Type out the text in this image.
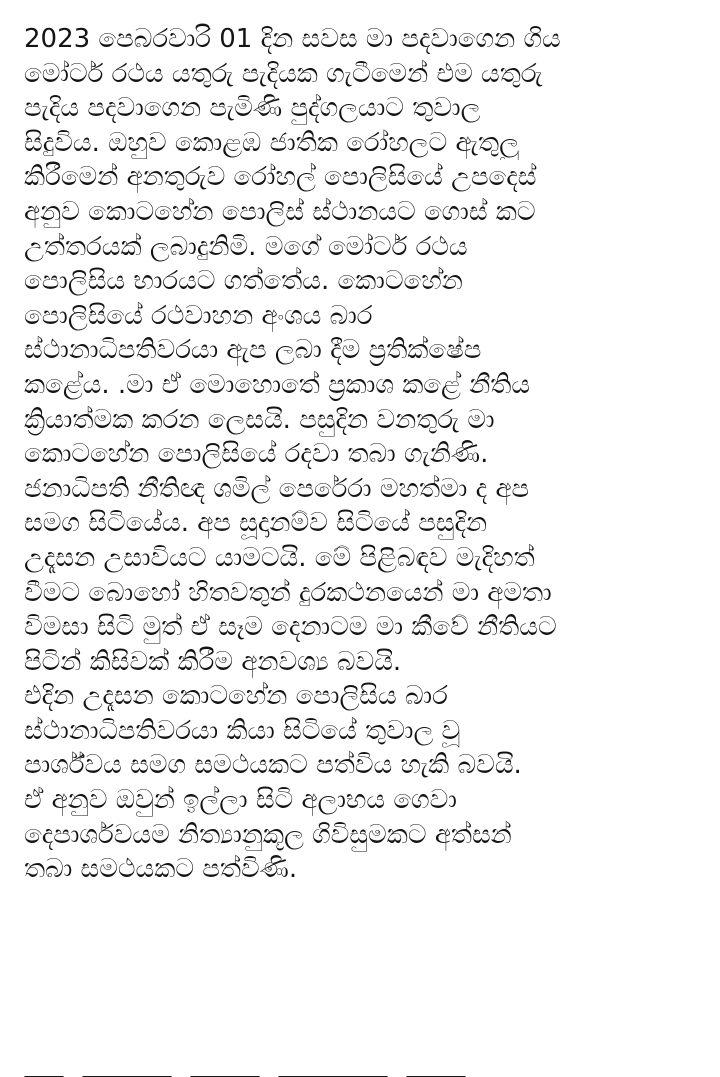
2023 පෙබරවාරි 01 දින සවස මා පදවාගෙන ගිය
මෝටර් රථය යතුරු පැදියක ගැටීමෙන් එම යතුරු
පැදිය පදවාගෙන පැමිණි පුද්ගලයාට තුවාල
සිදුවිය. ඔහුව කොළඹ ජාතික රෝහලට ඇතුලු
කිරීමෙන් අනතුරුව රෝහල් පොලිසියේ උපදෙස්
අනුව කොටහේන පොලිස් ස්ථානයට ගොස් කට
උත්තරයක් ලබාදුනිමි. මගේ මෝටර් රථය
පොලිසිය භාරයට ගත්තේය. කොටහේන
පොලිසියේ රථවාහන අංශය බාර
ස්ථානාධිපතිවරයා ඇප ලබා දීම ප්‍රතික්ෂේප
කළේය. .මා ඒ මොහොතේ ප්‍රකාශ කළේ නීතිය
ක්‍රියාත්මක කරන ලෙසයි. පසුදින වනතුරු මා
කොටහේන පොලිසියේ රදවා තබා ගැනිණි.
ජනාධිපති නීතිඥ ශමිල් පෙරේරා මහත්මා ද අප
සමග සිටියේය. අප සූදානම්ව සිටියේ පසුදින
උදෑසන උසාවියට යාමටයි. මේ පිළිබඳව මැදිහත්
වීමට බොහෝ හිතවතුන් දුරකථනයෙන් මා අමතා
විමසා සිටි මුත් ඒ සෑම දෙනාටම මා කීවේ නීතියට
පිටින් කිසිවක් කිරීම අනවශ්‍ය බවයි.
එදින උදෑසන කොටහේන පොලිසිය බාර
ස්ථානාධිපතිවරයා කියා සිටියේ තුවාල වූ
පාර්ශ්වය සමග සමථයකට පත්විය හැකි බවයි.
ඒ අනුව ඔවුන් ඉල්ලා සිටි අලාභය ගෙවා
දෙපාර්ශවයම නිත්‍යානුකූල ගිවිසුමකට අත්සන්
තබා සමථයකට පත්විණි.
